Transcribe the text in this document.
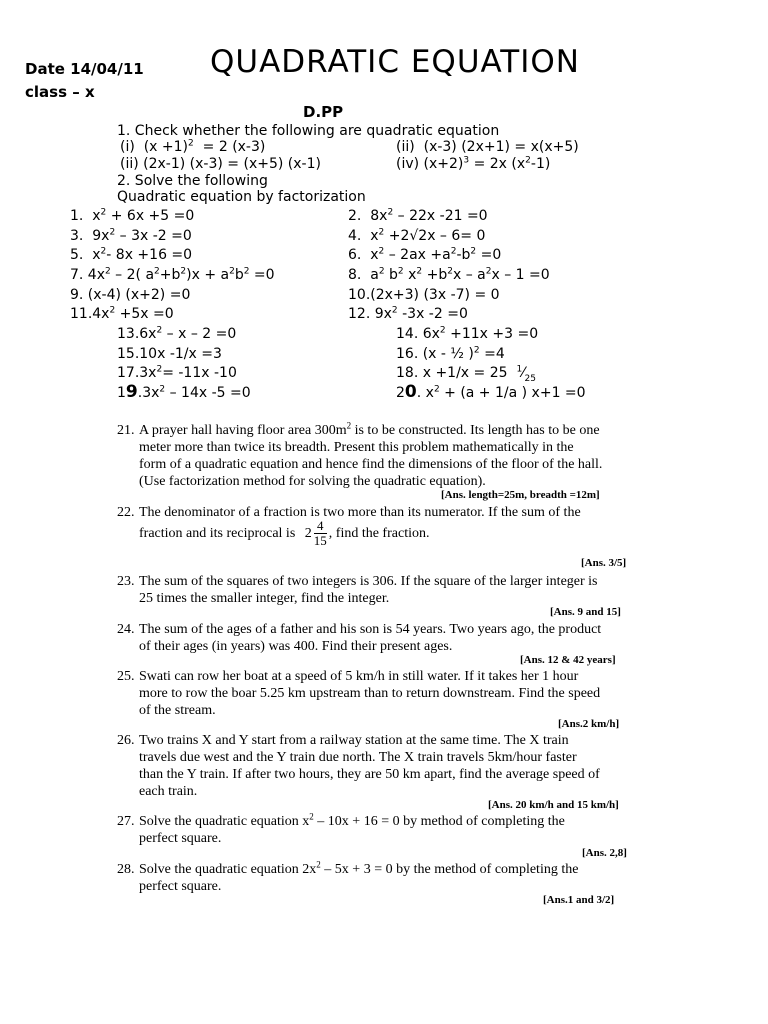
Date 14/04/11
class – x
QUADRATIC EQUATION
D.PP
1. Check whether the following are quadratic equation
(i)  $(x +1)^2 = 2$ (x-3)	(ii)  (x-3) (2x+1) = x(x+5)
(ii) (2x-1) (x-3) = (x+5) (x-1)	(iv) $(x+2)^3 = 2x$ $(x^2-1)$
2. Solve the following
Quadratic equation by factorization
1.  $x^2 + 6x +5 =0$	2.  $8x^2 - 22x$ -21 =0
3.  $9x^2 - 3x$ -2 =0	4.  $x^2 +2√2x - 6= 0$
5.  $x^2-$ 8x +16 =0	6.  $x^2 - 2ax +a^2-b^2 =0$
7. $4x^2 - 2$( $a^2+b^2)x + a^2b^2 =0$	8.  $a^2$ $b^2$ $x^2 +b^2x - a^2x - 1 =0$
9. (x-4) (x+2) =0	10.(2x+3) (3x -7) = 0
$11.4x^2 +5x =0$	12. $9x^2$ -3x -2 =0
$13.6x^2 - x - 2 =0$	14. $6x^2 +11x +3 =0$
15.10x -1/x =3	16. (x - ½ )$^2$ =4
$17.3x^2= -11x$ -10	18. x +1/x = 25  $^1⁄_{25}$
$19.3x^2 - 14x$ -5 =0	20. $x^2 + (a + 1/a$ ) x+1 =0
21. A prayer hall having floor area $300m^2$ is to be constructed. Its length has to be one
meter more than twice its breadth. Present this problem mathematically in the
form of a quadratic equation and hence find the dimensions of the floor of the hall.
(Use factorization method for solving the quadratic equation).
[Ans. length=25m, breadth =12m]
22. The denominator of a fraction is two more than its numerator. If the sum of the
fraction and its reciprocal is $2 \frac{4}{15}$ , find the fraction.
[Ans. 3/5]
23. The sum of the squares of two integers is 306. If the square of the larger integer is
25 times the smaller integer, find the integer.
[Ans. 9 and 15]
24. The sum of the ages of a father and his son is 54 years. Two years ago, the product
of their ages (in years) was 400. Find their present ages.
[Ans. 12 & 42 years]
25. Swati can row her boat at a speed of 5 km/h in still water. If it takes her 1 hour
more to row the boar 5.25 km upstream than to return downstream. Find the speed
of the stream.
[Ans.2 km/h]
26. Two trains X and Y start from a railway station at the same time. The X train
travels due west and the Y train due north. The X train travels 5km/hour faster
than the Y train. If after two hours, they are 50 km apart, find the average speed of
each train.
[Ans. 20 km/h and 15 km/h]
27. Solve the quadratic equation $x^2 - 10x + 16 = 0$ by method of completing the
perfect square.
[Ans. 2,8]
28. Solve the quadratic equation $2x^2 - 5x + 3 = 0$ by the method of completing the
perfect square.
[Ans.1 and 3/2]
